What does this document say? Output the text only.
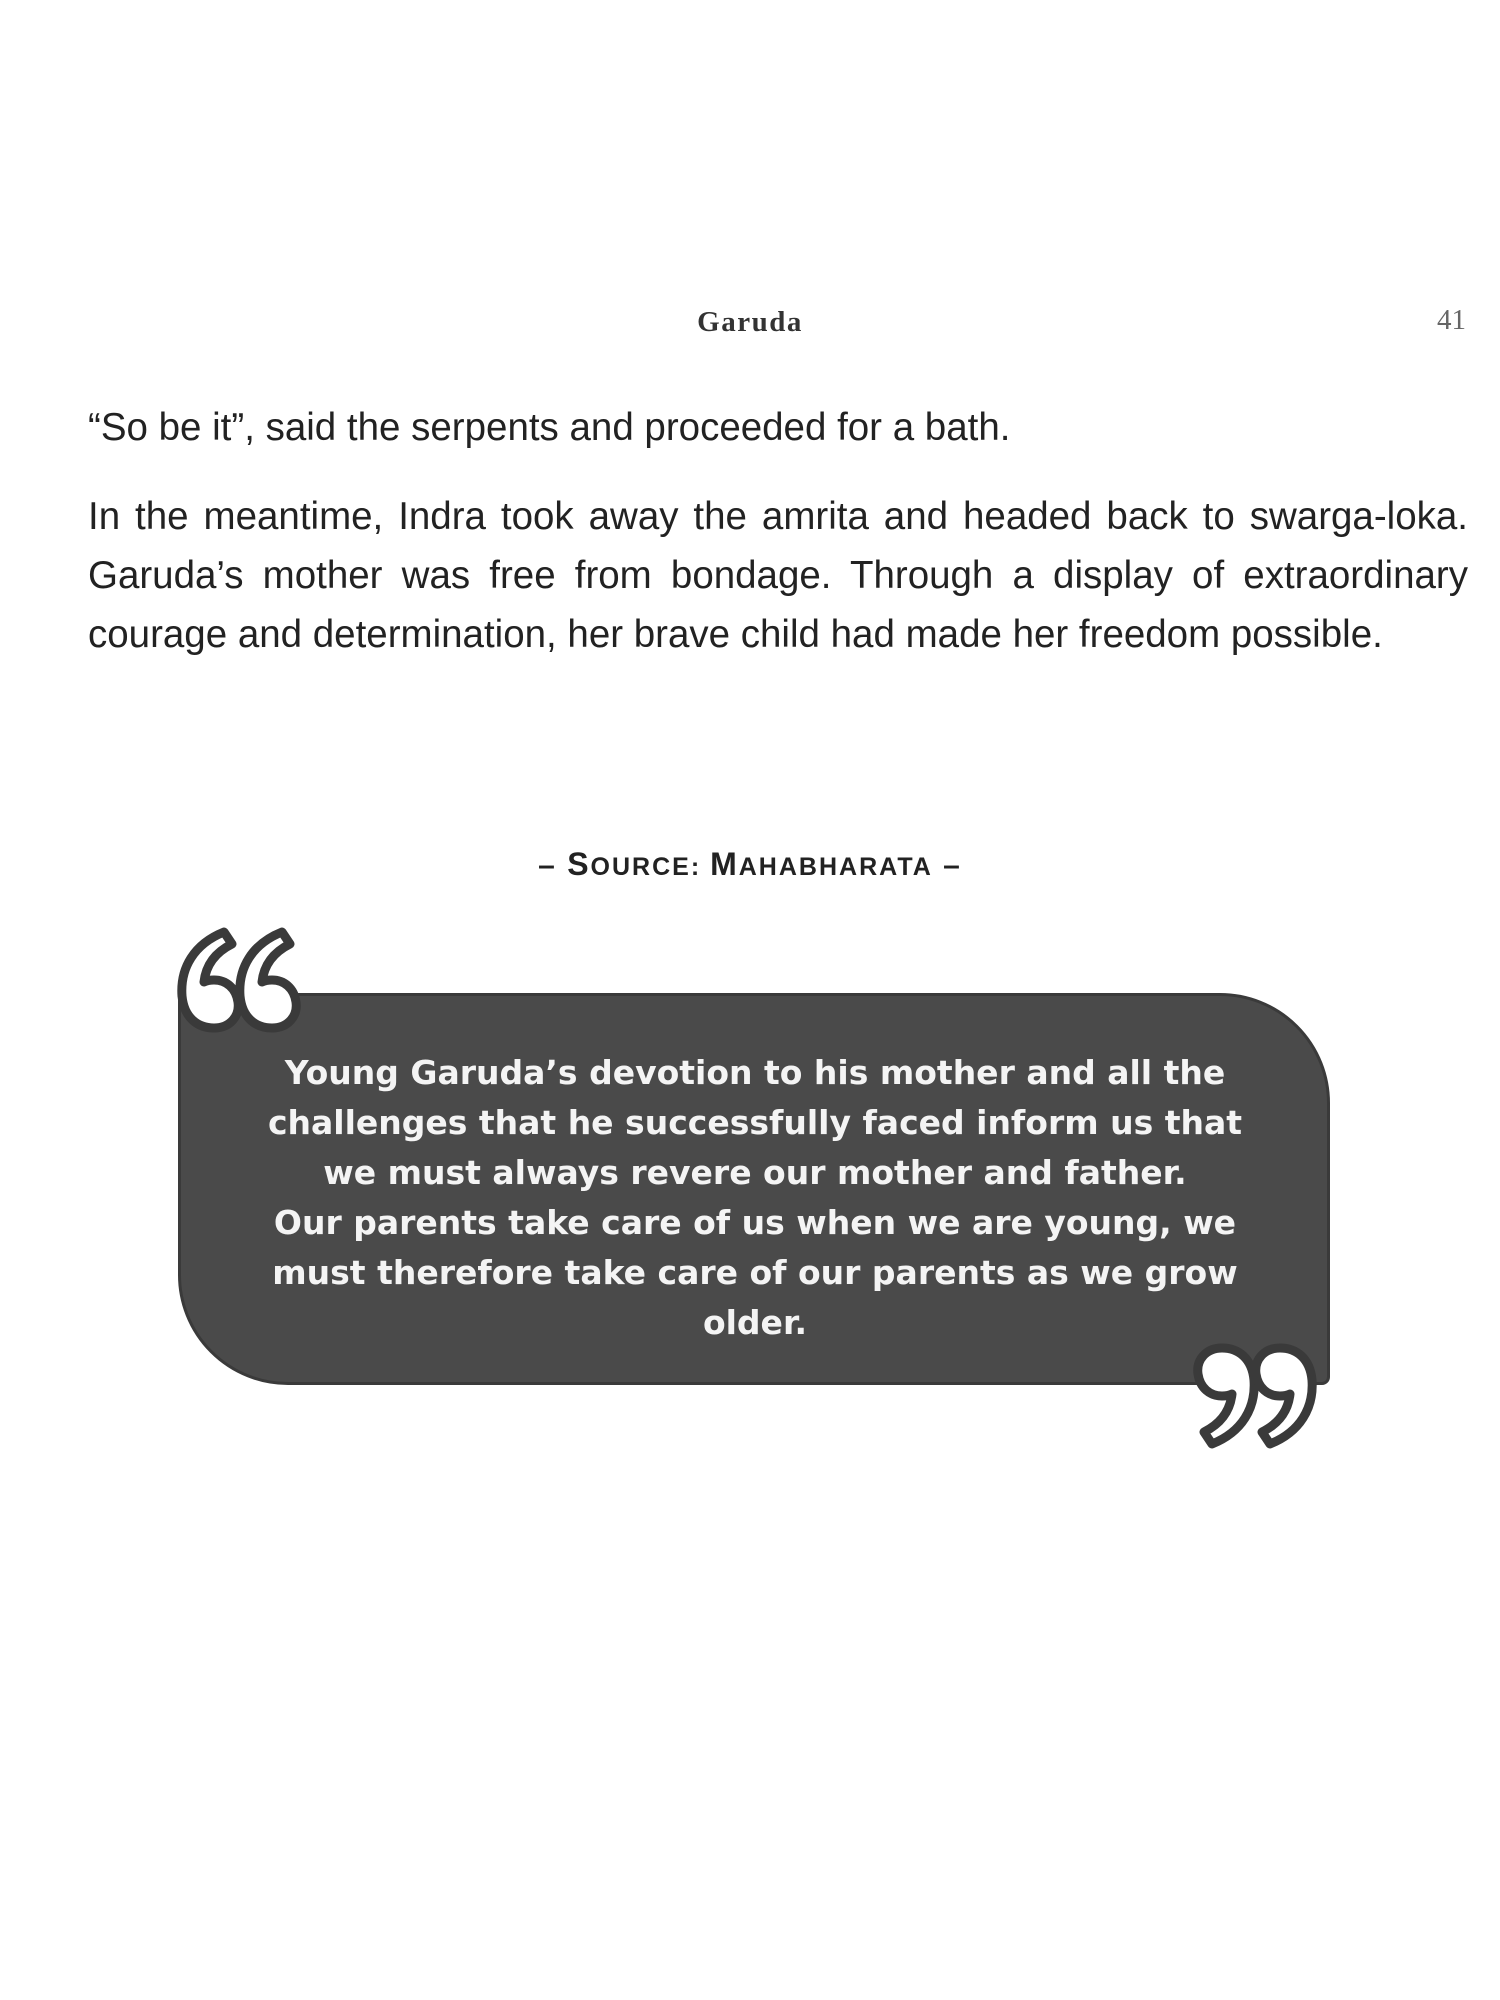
Garuda	41

“So be it”, said the serpents and proceeded for a bath.

In the meantime, Indra took away the amrita and headed back to swarga-loka. Garuda’s mother was free from bondage. Through a display of extraordinary courage and determination, her brave child had made her freedom possible.

– SOURCE: MAHABHARATA –
Young Garuda’s devotion to his mother and all the challenges that he successfully faced inform us that we must always revere our mother and father.
Our parents take care of us when we are young, we must therefore take care of our parents as we grow older.
